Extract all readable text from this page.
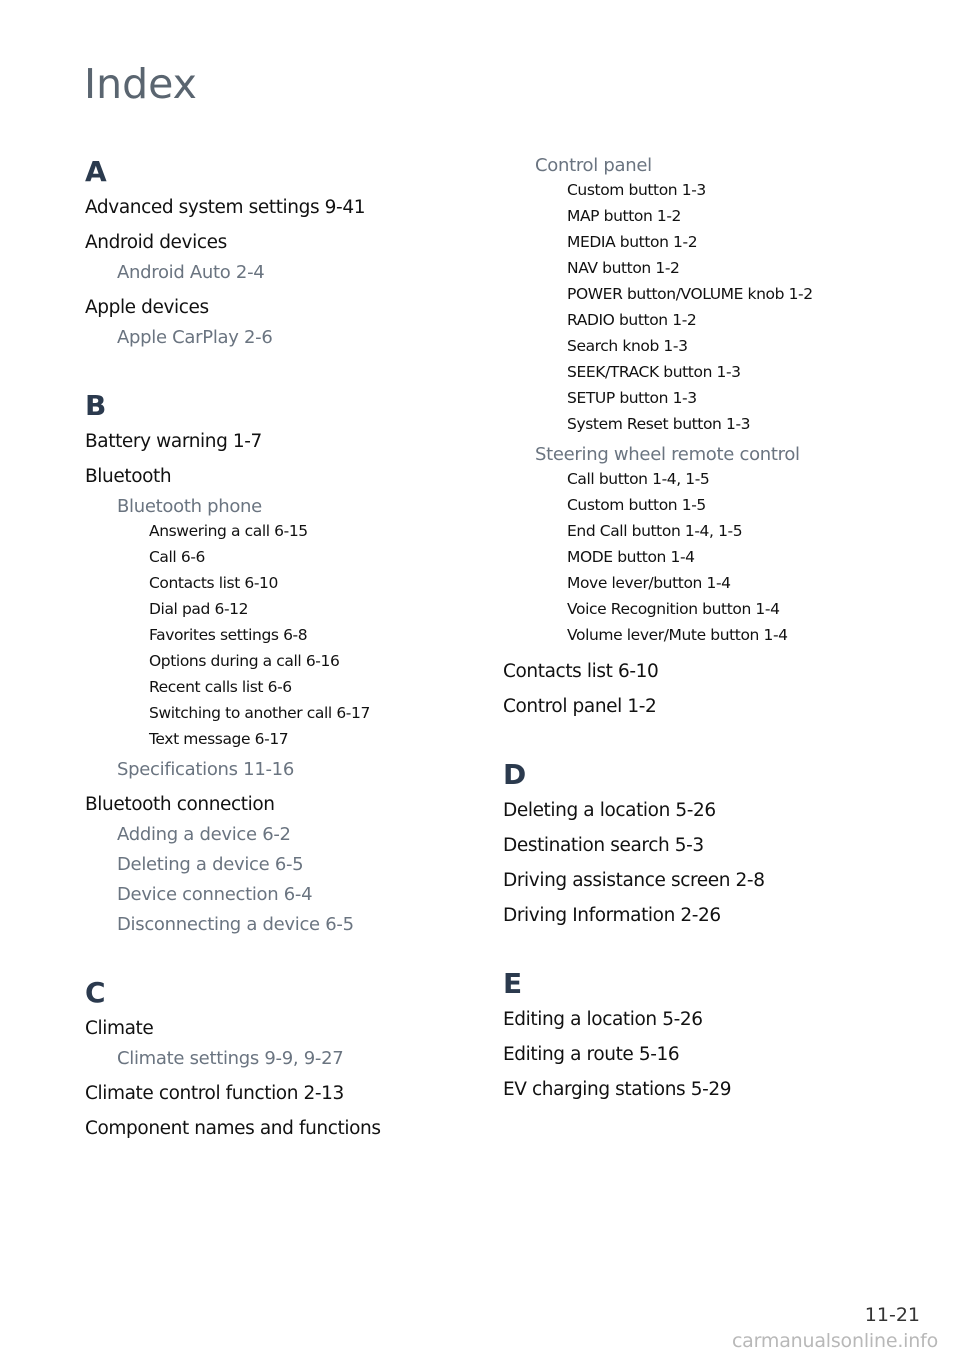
Index
A
Advanced system settings 9-41
Android devices
Android Auto 2-4
Apple devices
Apple CarPlay 2-6
B
Battery warning 1-7
Bluetooth
Bluetooth phone
Answering a call 6-15
Call 6-6
Contacts list 6-10
Dial pad 6-12
Favorites settings 6-8
Options during a call 6-16
Recent calls list 6-6
Switching to another call 6-17
Text message 6-17
Specifications 11-16
Bluetooth connection
Adding a device 6-2
Deleting a device 6-5
Device connection 6-4
Disconnecting a device 6-5
C
Climate
Climate settings 9-9, 9-27
Climate control function 2-13
Component names and functions
Control panel
Custom button 1-3
MAP button 1-2
MEDIA button 1-2
NAV button 1-2
POWER button/VOLUME knob 1-2
RADIO button 1-2
Search knob 1-3
SEEK/TRACK button 1-3
SETUP button 1-3
System Reset button 1-3
Steering wheel remote control
Call button 1-4, 1-5
Custom button 1-5
End Call button 1-4, 1-5
MODE button 1-4
Move lever/button 1-4
Voice Recognition button 1-4
Volume lever/Mute button 1-4
Contacts list 6-10
Control panel 1-2
D
Deleting a location 5-26
Destination search 5-3
Driving assistance screen 2-8
Driving Information 2-26
E
Editing a location 5-26
Editing a route 5-16
EV charging stations 5-29
11-21
carmanualsonline.info
